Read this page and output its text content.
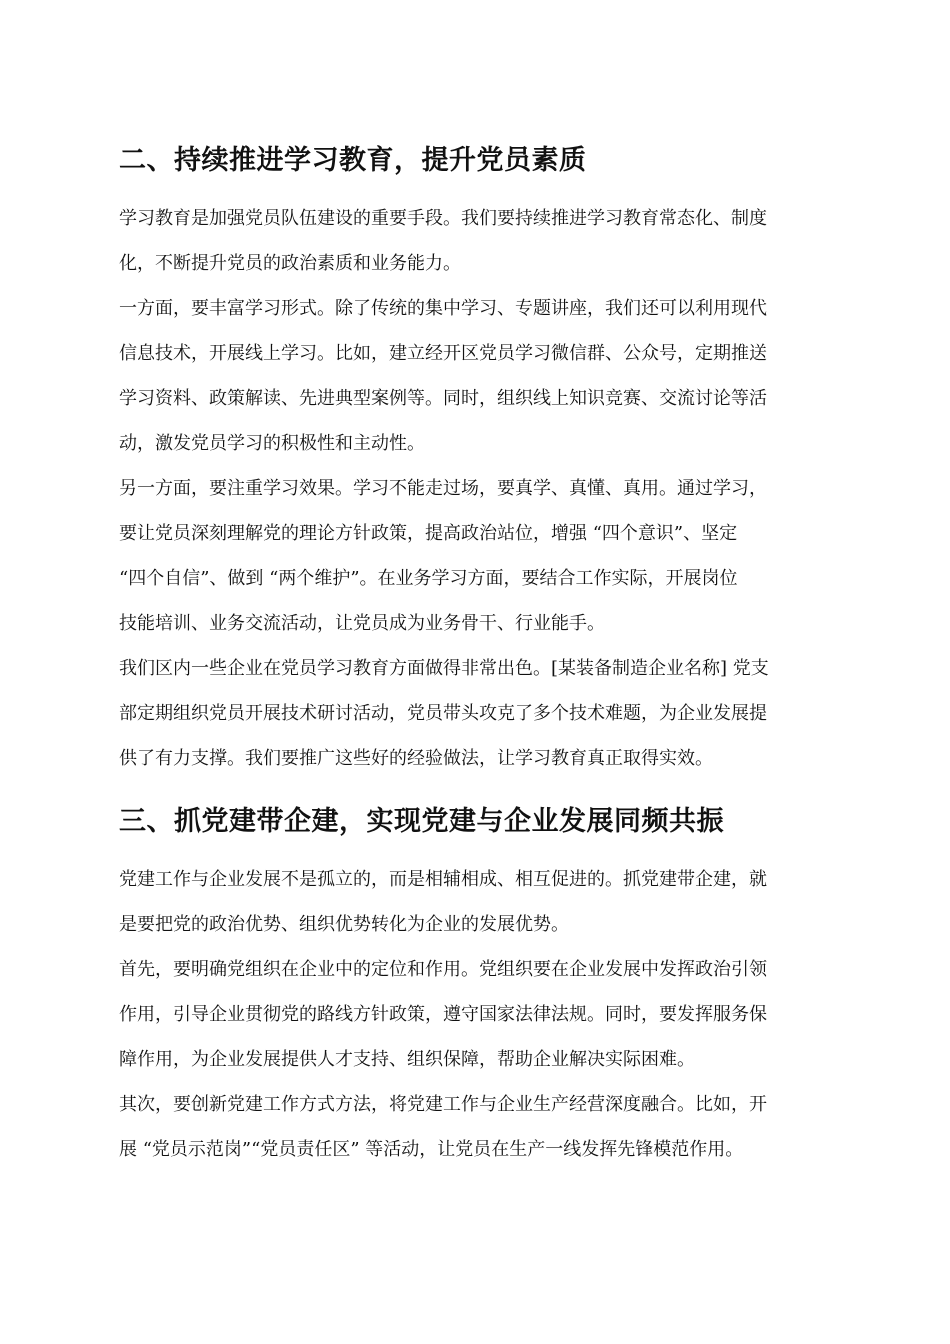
二、持续推进学习教育，提升党员素质

学习教育是加强党员队伍建设的重要手段。我们要持续推进学习教育常态化、制度
化，不断提升党员的政治素质和业务能力。

一方面，要丰富学习形式。除了传统的集中学习、专题讲座，我们还可以利用现代
信息技术，开展线上学习。比如，建立经开区党员学习微信群、公众号，定期推送
学习资料、政策解读、先进典型案例等。同时，组织线上知识竞赛、交流讨论等活
动，激发党员学习的积极性和主动性。

另一方面，要注重学习效果。学习不能走过场，要真学、真懂、真用。通过学习，
要让党员深刻理解党的理论方针政策，提高政治站位，增强 “四个意识”、坚定
“四个自信”、做到 “两个维护”。在业务学习方面，要结合工作实际，开展岗位
技能培训、业务交流活动，让党员成为业务骨干、行业能手。

我们区内一些企业在党员学习教育方面做得非常出色。[某装备制造企业名称] 党支
部定期组织党员开展技术研讨活动，党员带头攻克了多个技术难题，为企业发展提
供了有力支撑。我们要推广这些好的经验做法，让学习教育真正取得实效。

三、抓党建带企建，实现党建与企业发展同频共振

党建工作与企业发展不是孤立的，而是相辅相成、相互促进的。抓党建带企建，就
是要把党的政治优势、组织优势转化为企业的发展优势。

首先，要明确党组织在企业中的定位和作用。党组织要在企业发展中发挥政治引领
作用，引导企业贯彻党的路线方针政策，遵守国家法律法规。同时，要发挥服务保
障作用，为企业发展提供人才支持、组织保障，帮助企业解决实际困难。

其次，要创新党建工作方式方法，将党建工作与企业生产经营深度融合。比如，开
展 “党员示范岗”“党员责任区” 等活动，让党员在生产一线发挥先锋模范作用。
